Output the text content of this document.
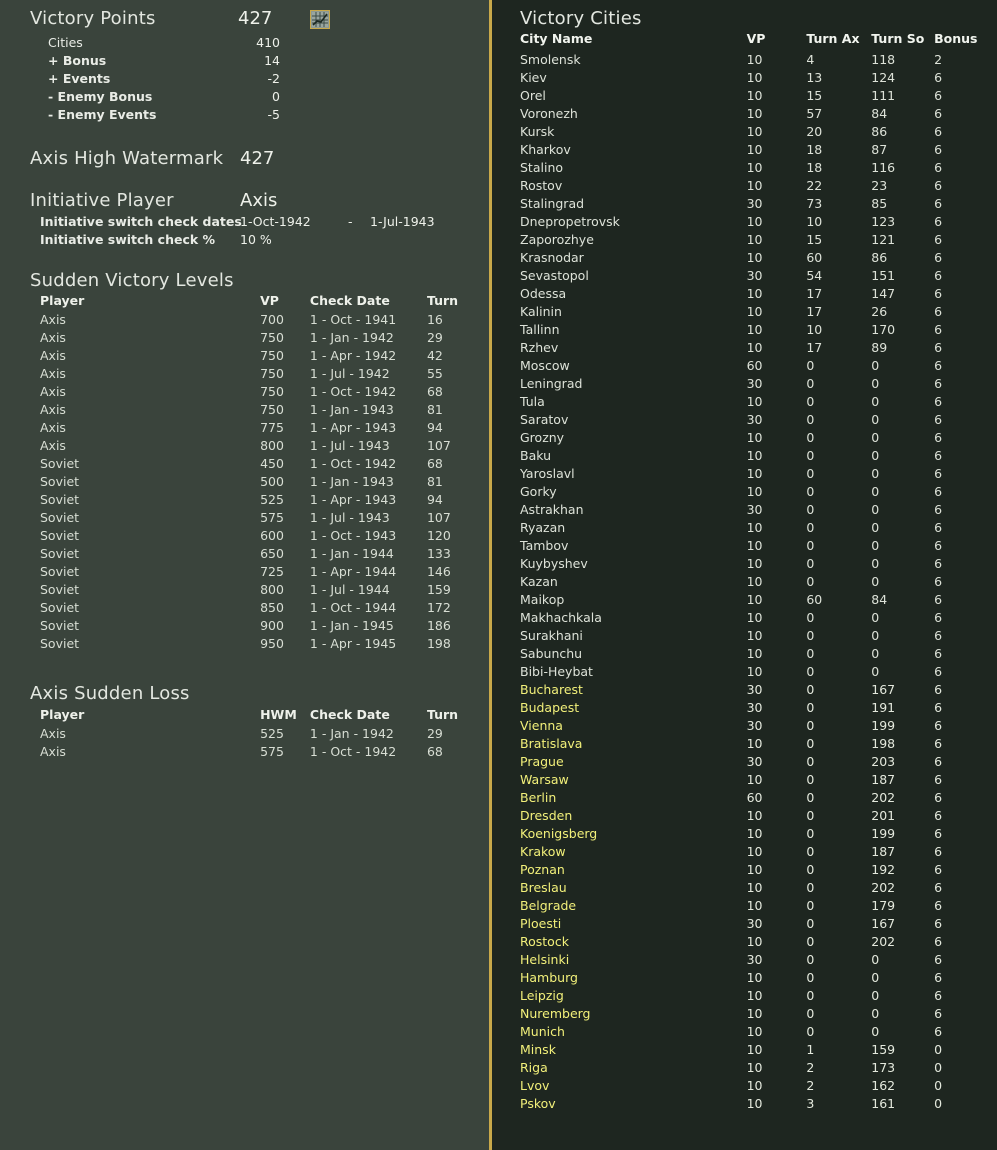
Victory Points	427
Cities	410
+ Bonus	14
+ Events	-2
- Enemy Bonus	0
- Enemy Events	-5
Axis High Watermark 427
Initiative Player	Axis
Initiative switch check dates
1-Oct-1942	- 1-Jul-1943
Initiative switch check % 10 %
Sudden Victory Levels
Player	VP	Check Date	Turn
Axis	700	1 - Oct - 1941	16
Axis	750	1 - Jan - 1942	29
Axis	750	1 - Apr - 1942	42
Axis	750	1 - Jul - 1942	55
Axis	750	1 - Oct - 1942	68
Axis	750	1 - Jan - 1943	81
Axis	775	1 - Apr - 1943	94
Axis	800	1 - Jul - 1943	107
Soviet	450	1 - Oct - 1942	68
Soviet	500	1 - Jan - 1943	81
Soviet	525	1 - Apr - 1943	94
Soviet	575	1 - Jul - 1943	107
Soviet	600	1 - Oct - 1943	120
Soviet	650	1 - Jan - 1944	133
Soviet	725	1 - Apr - 1944	146
Soviet	800	1 - Jul - 1944	159
Soviet	850	1 - Oct - 1944	172
Soviet	900	1 - Jan - 1945	186
Soviet	950	1 - Apr - 1945	198
Axis Sudden Loss
Player	HWM	Check Date	Turn
Axis	525	1 - Jan - 1942	29
Axis	575	1 - Oct - 1942	68
Victory Cities
City Name	VP	Turn Ax	Turn So	Bonus
Smolensk	10	4	118	2
Kiev	10	13	124	6
Orel	10	15	111	6
Voronezh	10	57	84	6
Kursk	10	20	86	6
Kharkov	10	18	87	6
Stalino	10	18	116	6
Rostov	10	22	23	6
Stalingrad	30	73	85	6
Dnepropetrovsk	10	10	123	6
Zaporozhye	10	15	121	6
Krasnodar	10	60	86	6
Sevastopol	30	54	151	6
Odessa	10	17	147	6
Kalinin	10	17	26	6
Tallinn	10	10	170	6
Rzhev	10	17	89	6
Moscow	60	0	0	6
Leningrad	30	0	0	6
Tula	10	0	0	6
Saratov	30	0	0	6
Grozny	10	0	0	6
Baku	10	0	0	6
Yaroslavl	10	0	0	6
Gorky	10	0	0	6
Astrakhan	30	0	0	6
Ryazan	10	0	0	6
Tambov	10	0	0	6
Kuybyshev	10	0	0	6
Kazan	10	0	0	6
Maikop	10	60	84	6
Makhachkala	10	0	0	6
Surakhani	10	0	0	6
Sabunchu	10	0	0	6
Bibi-Heybat	10	0	0	6
Bucharest	30	0	167	6
Budapest	30	0	191	6
Vienna	30	0	199	6
Bratislava	10	0	198	6
Prague	30	0	203	6
Warsaw	10	0	187	6
Berlin	60	0	202	6
Dresden	10	0	201	6
Koenigsberg	10	0	199	6
Krakow	10	0	187	6
Poznan	10	0	192	6
Breslau	10	0	202	6
Belgrade	10	0	179	6
Ploesti	30	0	167	6
Rostock	10	0	202	6
Helsinki	30	0	0	6
Hamburg	10	0	0	6
Leipzig	10	0	0	6
Nuremberg	10	0	0	6
Munich	10	0	0	6
Minsk	10	1	159	0
Riga	10	2	173	0
Lvov	10	2	162	0
Pskov	10	3	161	0
